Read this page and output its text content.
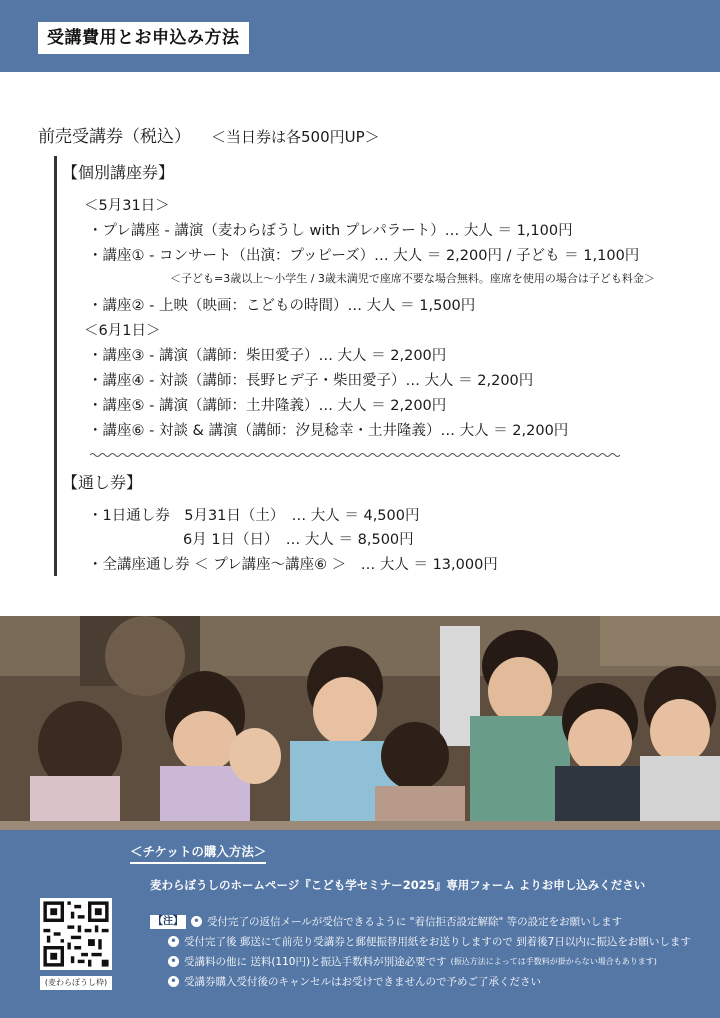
受講費用とお申込み方法
前売受講券（税込） ＜当日券は各500円UP＞
【個別講座券】
＜5月31日＞
・プレ講座 - 講演（麦わらぼうし with プレパラート）… 大人 ＝ 1,100円
・講座① - コンサート（出演：プッピーズ）… 大人 ＝ 2,200円 / 子ども ＝ 1,100円
＜子ども=3歳以上～小学生 / 3歳未満児で座席不要な場合無料。座席を使用の場合は子ども料金＞
・講座② - 上映（映画：こどもの時間）… 大人 ＝ 1,500円
＜6月1日＞
・講座③ - 講演（講師：柴田愛子）… 大人 ＝ 2,200円
・講座④ - 対談（講師：長野ヒデ子・柴田愛子）… 大人 ＝ 2,200円
・講座⑤ - 講演（講師：土井隆義）… 大人 ＝ 2,200円
・講座⑥ - 対談 & 講演（講師：汐見稔幸・土井隆義）… 大人 ＝ 2,200円
【通し券】
・1日通し券　5月31日（土）　… 大人 ＝ 4,500円
6月 1日（日）　… 大人 ＝ 8,500円
・全講座通し券 ＜ プレ講座～講座⑥ ＞　… 大人 ＝ 13,000円
＜チケットの購入方法＞
麦わらぼうしのホームページ『こども学セミナー2025』専用フォーム よりお申し込みください
(麦わらぼうし枠)
【注】	• 受付完了の返信メールが受信できるように "着信拒否設定解除" 等の設定をお願いします
• 受付完了後 郵送にて前売り受講券と郵便振替用紙をお送りしますので 到着後7日以内に振込をお願いします
• 受講料の他に 送料(110円)と振込手数料が別途必要です (振込方法によっては手数料が掛からない場合もあります)
• 受講券購入受付後のキャンセルはお受けできませんので予めご了承ください
